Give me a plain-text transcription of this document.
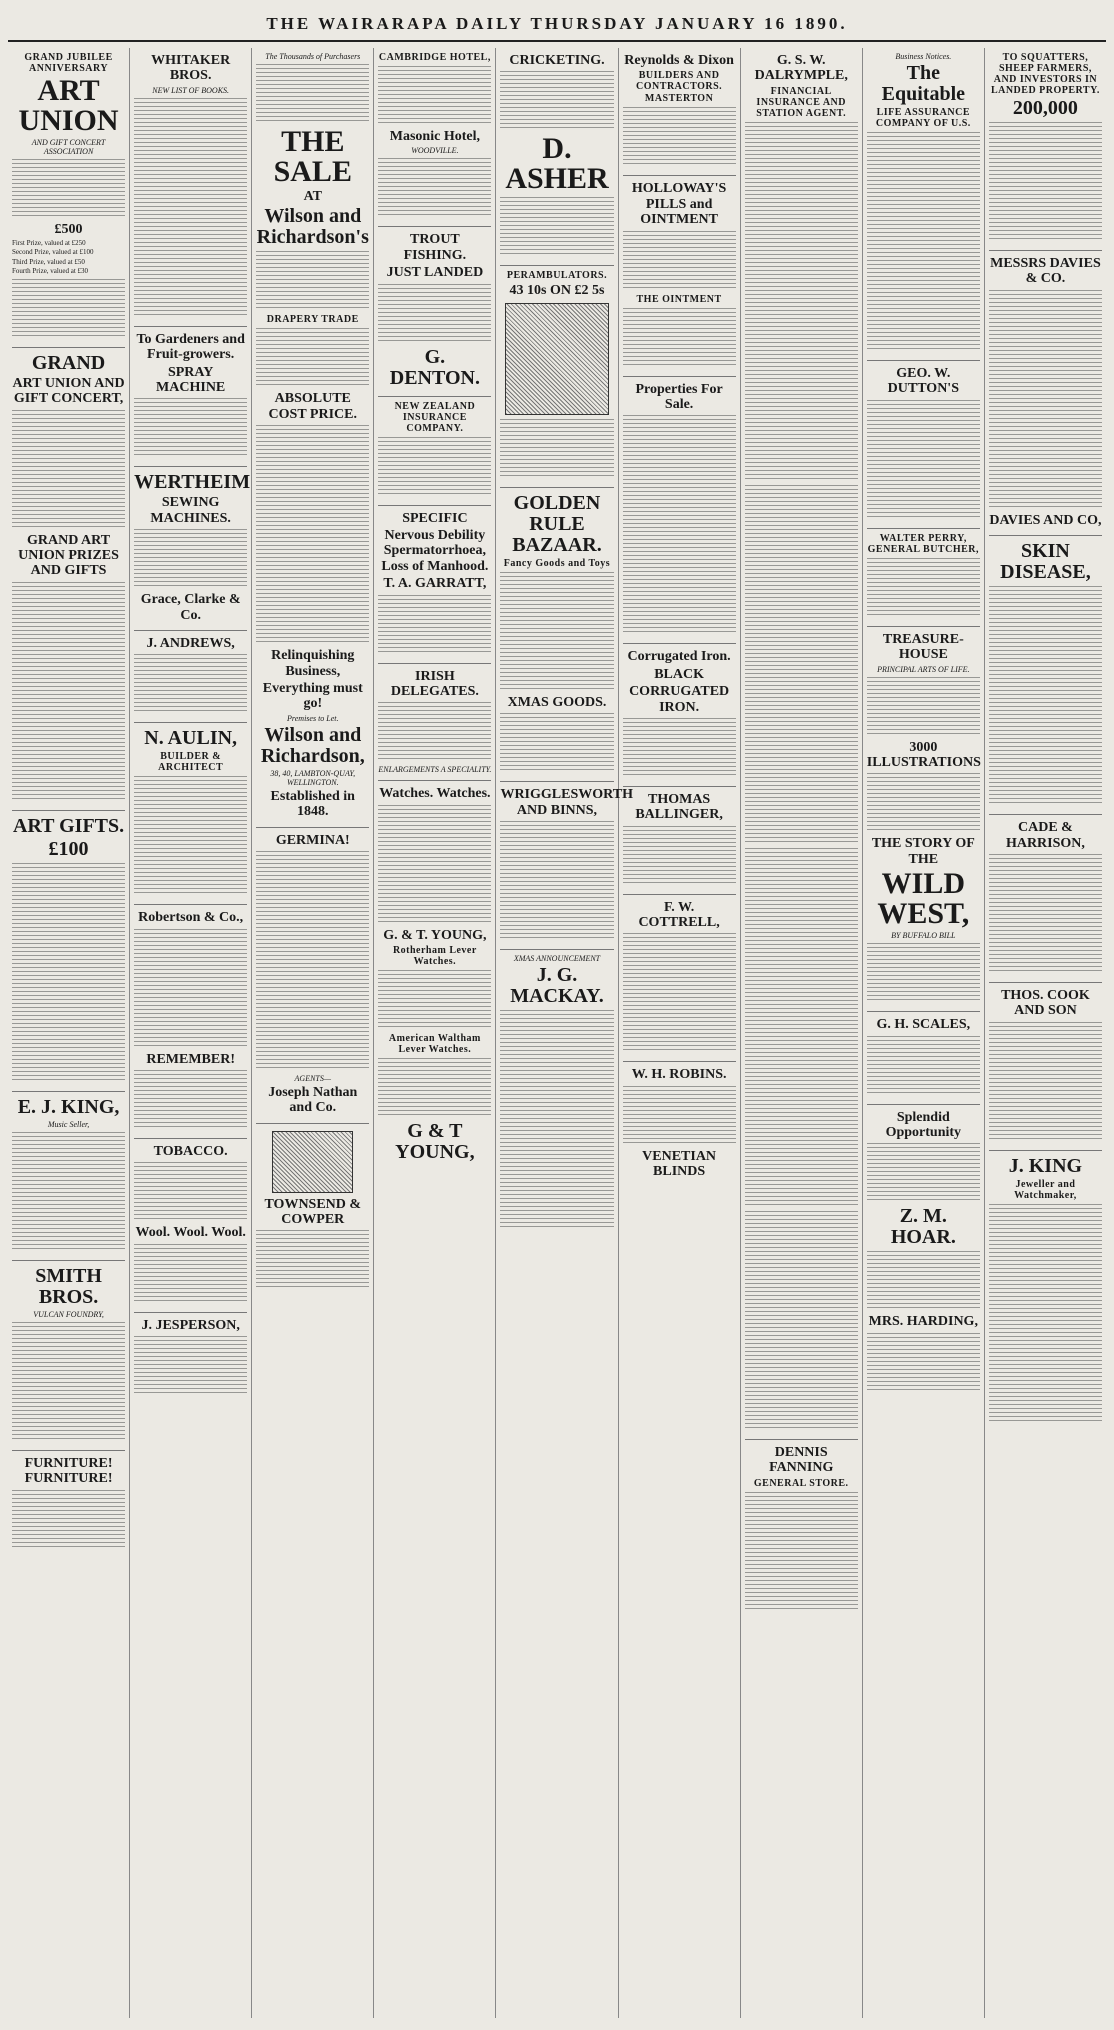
THE WAIRARAPA DAILY THURSDAY JANUARY 16 1890.
GRAND JUBILEE ANNIVERSARY
ART UNION
AND GIFT CONCERT ASSOCIATION
£500
First Prize, valued at £250
Second Prize, valued at £100
Third Prize, valued at £50
Fourth Prize, valued at £30
GRAND
ART UNION AND GIFT CONCERT,
GRAND ART UNION PRIZES AND GIFTS
ART GIFTS.
£100
E. J. KING,
Music Seller,
SMITH BROS.
VULCAN FOUNDRY,
FURNITURE! FURNITURE!
WHITAKER BROS.
NEW LIST OF BOOKS.
To Gardeners and Fruit-growers.
SPRAY MACHINE
WERTHEIM
SEWING MACHINES.
Grace, Clarke & Co.
J. ANDREWS,
N. AULIN,
BUILDER & ARCHITECT
Robertson & Co.,
REMEMBER!
TOBACCO.
Wool. Wool. Wool.
J. JESPERSON,
The Thousands of Purchasers
THE SALE
AT
Wilson and Richardson's
DRAPERY TRADE
ABSOLUTE COST PRICE.
Relinquishing Business,
Everything must go!
Premises to Let.
Wilson and Richardson,
38, 40, LAMBTON-QUAY, WELLINGTON.
Established in 1848.
GERMINA!
AGENTS—
Joseph Nathan and Co.
TOWNSEND & COWPER
CAMBRIDGE HOTEL,
Masonic Hotel,
WOODVILLE.
TROUT FISHING.
JUST LANDED
G. DENTON.
NEW ZEALAND INSURANCE COMPANY.
SPECIFIC
Nervous Debility Spermatorrhoea, Loss of Manhood.
T. A. GARRATT,
IRISH DELEGATES.
ENLARGEMENTS A SPECIALITY.
Watches. Watches.
G. & T. YOUNG,
Rotherham Lever Watches.
American Waltham Lever Watches.
G & T YOUNG,
CRICKETING.
D. ASHER
PERAMBULATORS.
43 10s ON £2 5s
GOLDEN RULE BAZAAR.
Fancy Goods and Toys
XMAS GOODS.
WRIGGLESWORTH AND BINNS,
XMAS ANNOUNCEMENT
J. G. MACKAY.
Reynolds & Dixon
BUILDERS AND CONTRACTORS.
MASTERTON
HOLLOWAY'S PILLS and OINTMENT
THE OINTMENT
Properties For Sale.
Corrugated Iron.
BLACK
CORRUGATED IRON.
THOMAS BALLINGER,
F. W. COTTRELL,
W. H. ROBINS.
VENETIAN BLINDS
G. S. W. DALRYMPLE,
FINANCIAL INSURANCE AND STATION AGENT.
DENNIS FANNING
GENERAL STORE.
Business Notices.
The Equitable
LIFE ASSURANCE COMPANY OF U.S.
GEO. W. DUTTON'S
WALTER PERRY, GENERAL BUTCHER,
TREASURE-HOUSE
PRINCIPAL ARTS OF LIFE.
3000 ILLUSTRATIONS
THE STORY OF THE
WILD WEST,
BY BUFFALO BILL
G. H. SCALES,
Splendid Opportunity
Z. M. HOAR.
MRS. HARDING,
TO SQUATTERS, SHEEP FARMERS, AND INVESTORS IN LANDED PROPERTY.
200,000
MESSRS DAVIES & CO.
DAVIES AND CO,
SKIN DISEASE,
CADE & HARRISON,
THOS. COOK AND SON
J. KING
Jeweller and Watchmaker,
